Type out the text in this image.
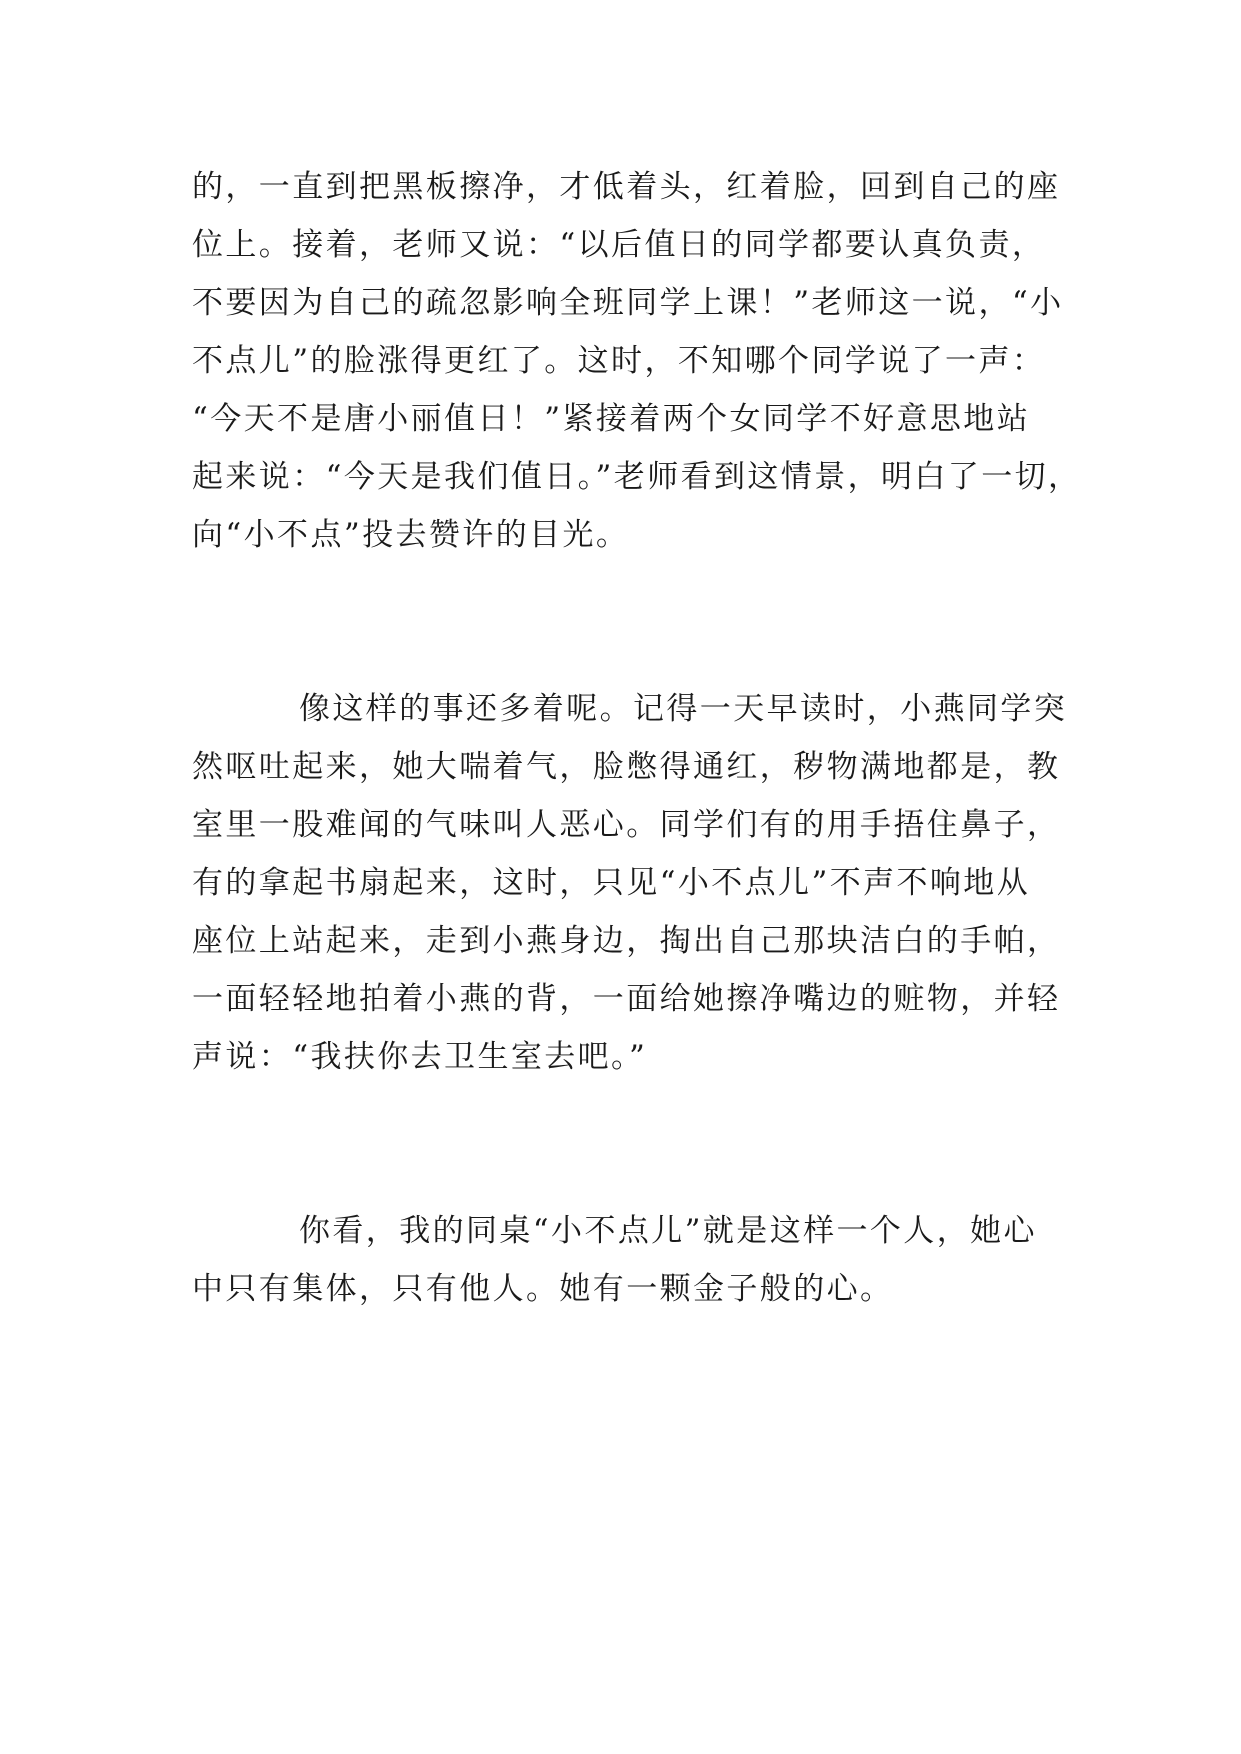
的，一直到把黑板擦净，才低着头，红着脸，回到自己的座
位上。接着，老师又说：“以后值日的同学都要认真负责，
不要因为自己的疏忽影响全班同学上课！”老师这一说，“小
不点儿”的脸涨得更红了。这时，不知哪个同学说了一声：
“今天不是唐小丽值日！”紧接着两个女同学不好意思地站
起来说：“今天是我们值日。”老师看到这情景，明白了一切，
向“小不点”投去赞许的目光。
像这样的事还多着呢。记得一天早读时，小燕同学突
然呕吐起来，她大喘着气，脸憋得通红，秽物满地都是，教
室里一股难闻的气味叫人恶心。同学们有的用手捂住鼻子，
有的拿起书扇起来，这时，只见“小不点儿”不声不响地从
座位上站起来，走到小燕身边，掏出自己那块洁白的手帕，
一面轻轻地拍着小燕的背，一面给她擦净嘴边的赃物，并轻
声说：“我扶你去卫生室去吧。”
你看，我的同桌“小不点儿”就是这样一个人，她心
中只有集体，只有他人。她有一颗金子般的心。
